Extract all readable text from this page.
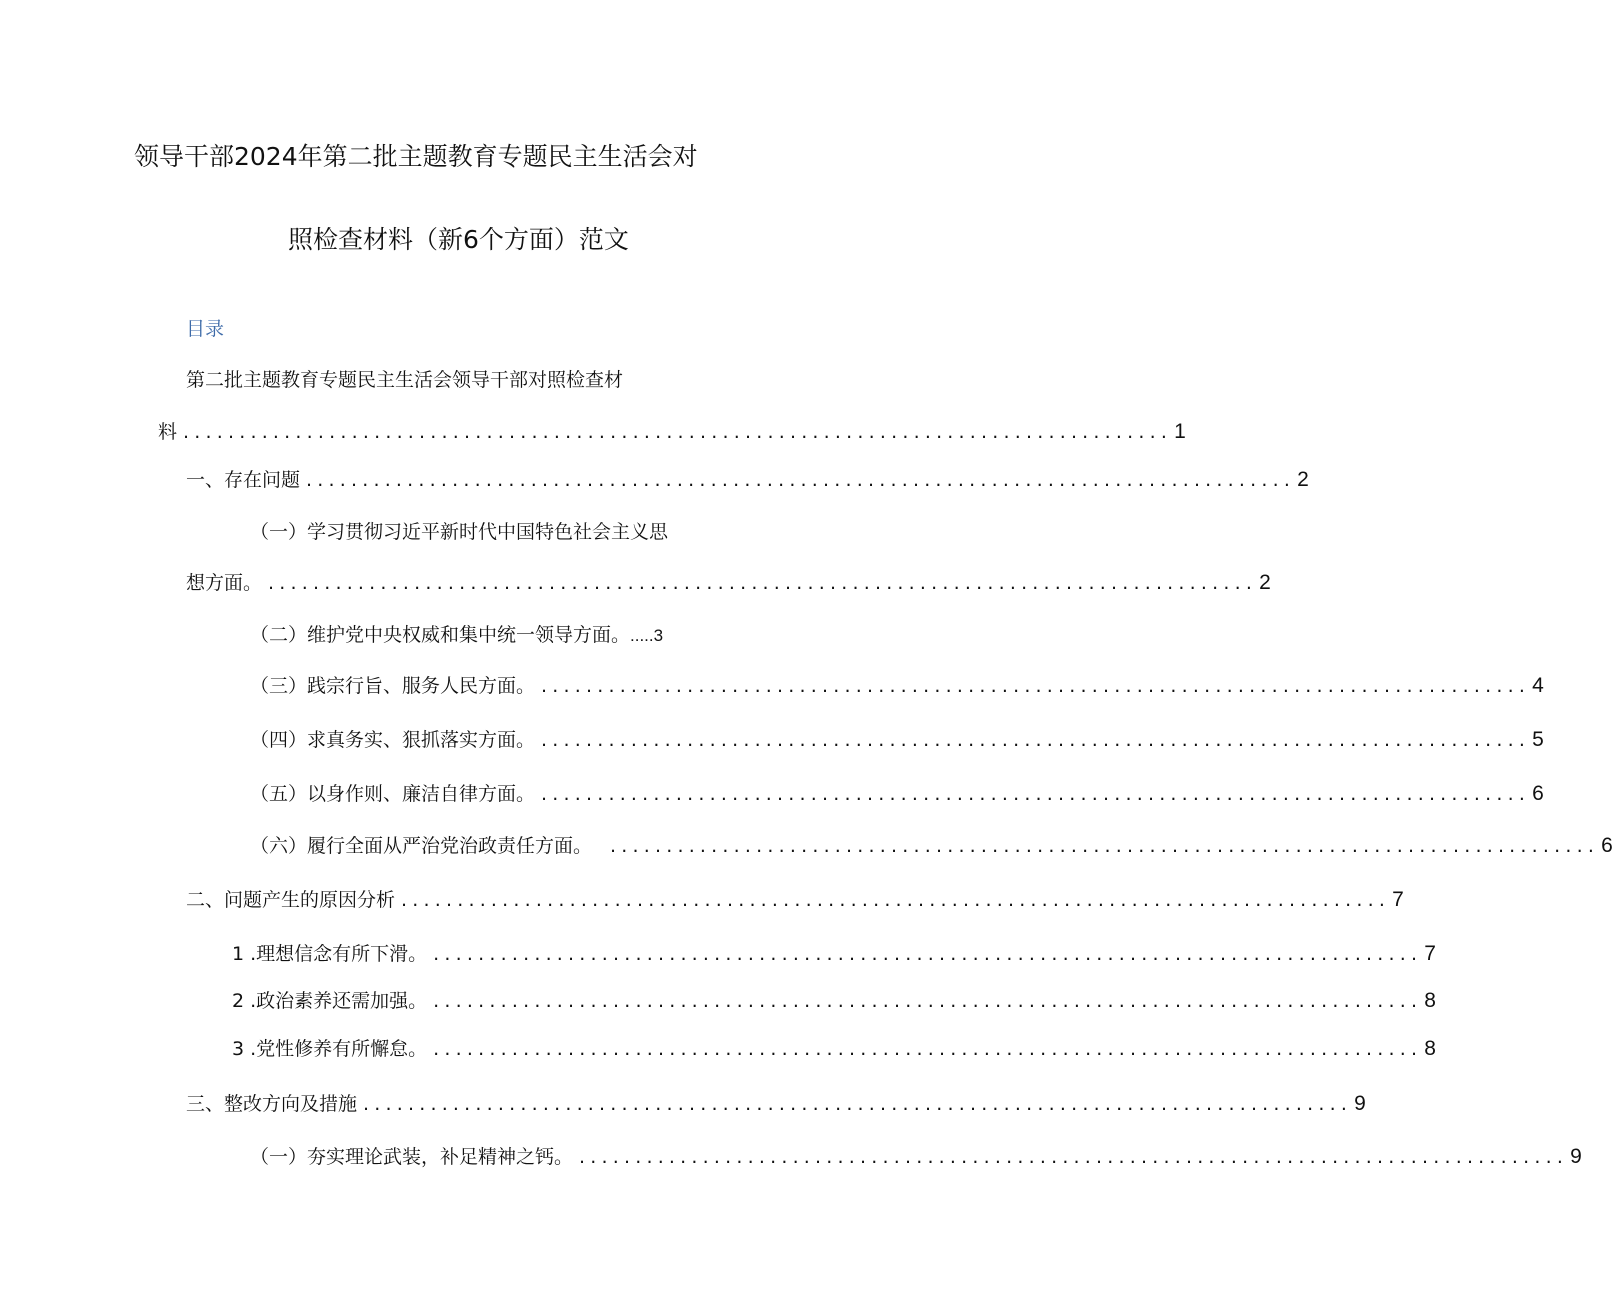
领导干部2024年第二批主题教育专题民主生活会对
照检查材料（新6个方面）范文
目录
第二批主题教育专题民主生活会领导干部对照检查材
料 ........................................................................................ 1
一、存在问题 ........................................................................................ 2
（一）学习贯彻习近平新时代中国特色社会主义思
想方面。 ........................................................................................ 2
（二）维护党中央权威和集中统一领导方面。 ..... 3
（三）践宗行旨、服务人民方面。 ........................................................................................ 4
（四）求真务实、狠抓落实方面。 ........................................................................................ 5
（五）以身作则、廉洁自律方面。 ........................................................................................ 6
（六）履行全面从严治党治政责任方面。 ........................................................................................ 6
二、问题产生的原因分析 ........................................................................................ 7
1 .理想信念有所下滑。 ........................................................................................ 7
2 .政治素养还需加强。 ........................................................................................ 8
3 .党性修养有所懈怠。 ........................................................................................ 8
三、整改方向及措施 ........................................................................................ 9
（一）夯实理论武装，补足精神之钙。 ........................................................................................ 9
